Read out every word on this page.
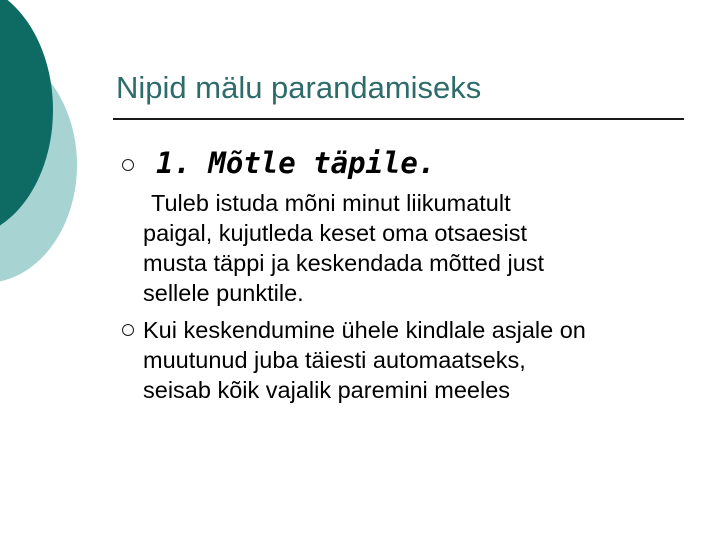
Nipid mälu parandamiseks
1. Mõtle täpile.
Tuleb istuda mõni minut liikumatult
paigal, kujutleda keset oma otsaesist
musta täppi ja keskendada mõtted just
sellele punktile.
Kui keskendumine ühele kindlale asjale on
muutunud juba täiesti automaatseks,
seisab kõik vajalik paremini meeles
